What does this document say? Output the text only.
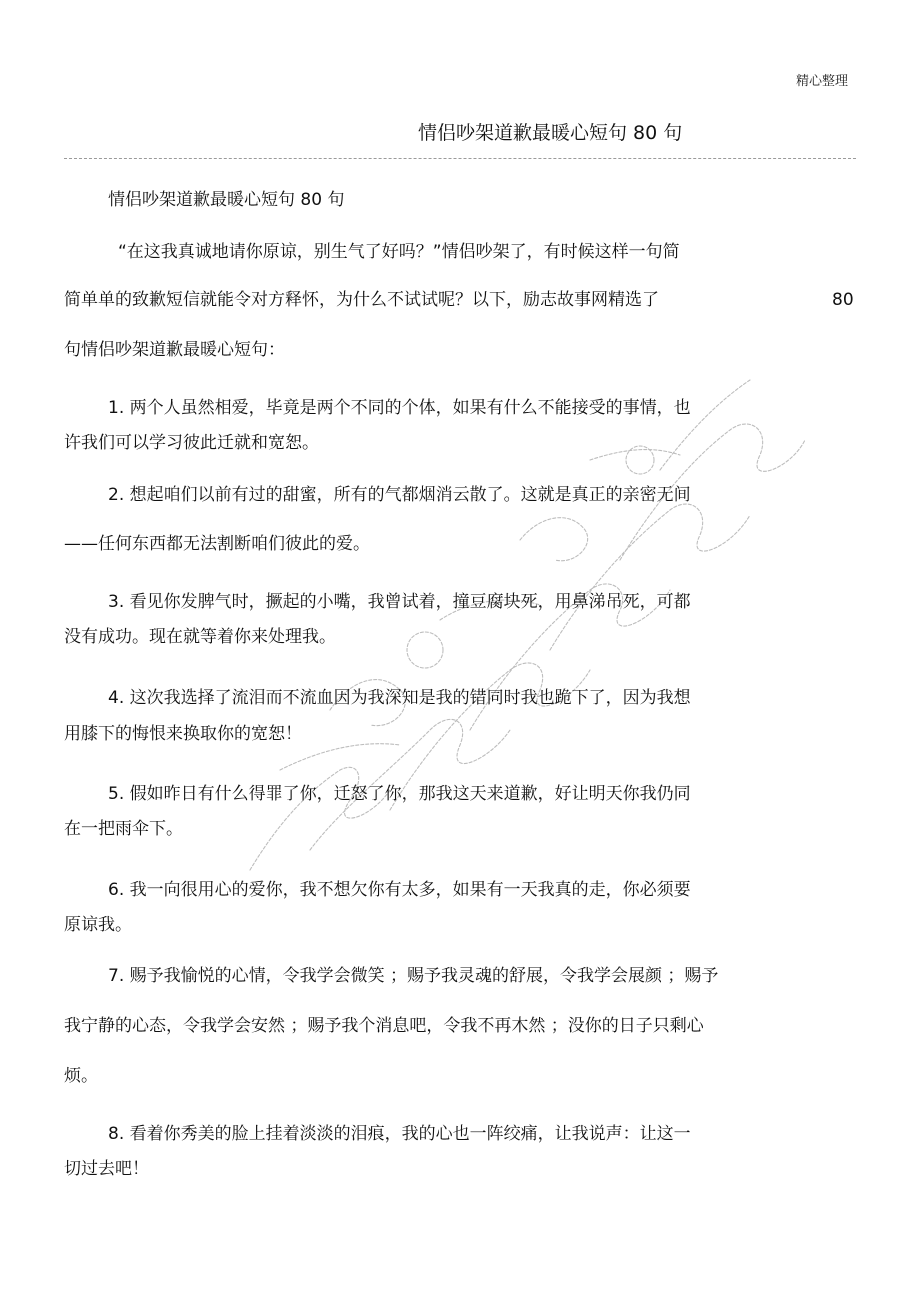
精心整理
情侣吵架道歉最暖心短句 80 句
情侣吵架道歉最暖心短句 80 句
“在这我真诚地请你原谅，别生气了好吗？”情侣吵架了，有时候这样一句简
简单单的致歉短信就能令对方释怀，为什么不试试呢？以下，励志故事网精选了	80
句情侣吵架道歉最暖心短句：
1. 两个人虽然相爱，毕竟是两个不同的个体，如果有什么不能接受的事情，也
许我们可以学习彼此迁就和宽恕。
2. 想起咱们以前有过的甜蜜，所有的气都烟消云散了。这就是真正的亲密无间
——任何东西都无法割断咱们彼此的爱。
3. 看见你发脾气时，撅起的小嘴，我曾试着，撞豆腐块死，用鼻涕吊死，可都
没有成功。现在就等着你来处理我。
4. 这次我选择了流泪而不流血因为我深知是我的错同时我也跪下了，因为我想
用膝下的悔恨来换取你的宽恕！
5. 假如昨日有什么得罪了你，迁怒了你，那我这天来道歉，好让明天你我仍同
在一把雨伞下。
6. 我一向很用心的爱你，我不想欠你有太多，如果有一天我真的走，你必须要
原谅我。
7. 赐予我愉悦的心情，令我学会微笑 ；赐予我灵魂的舒展，令我学会展颜 ；赐予
我宁静的心态，令我学会安然 ；赐予我个消息吧，令我不再木然 ；没你的日子只剩心
烦。
8. 看着你秀美的脸上挂着淡淡的泪痕，我的心也一阵绞痛，让我说声：让这一
切过去吧！
